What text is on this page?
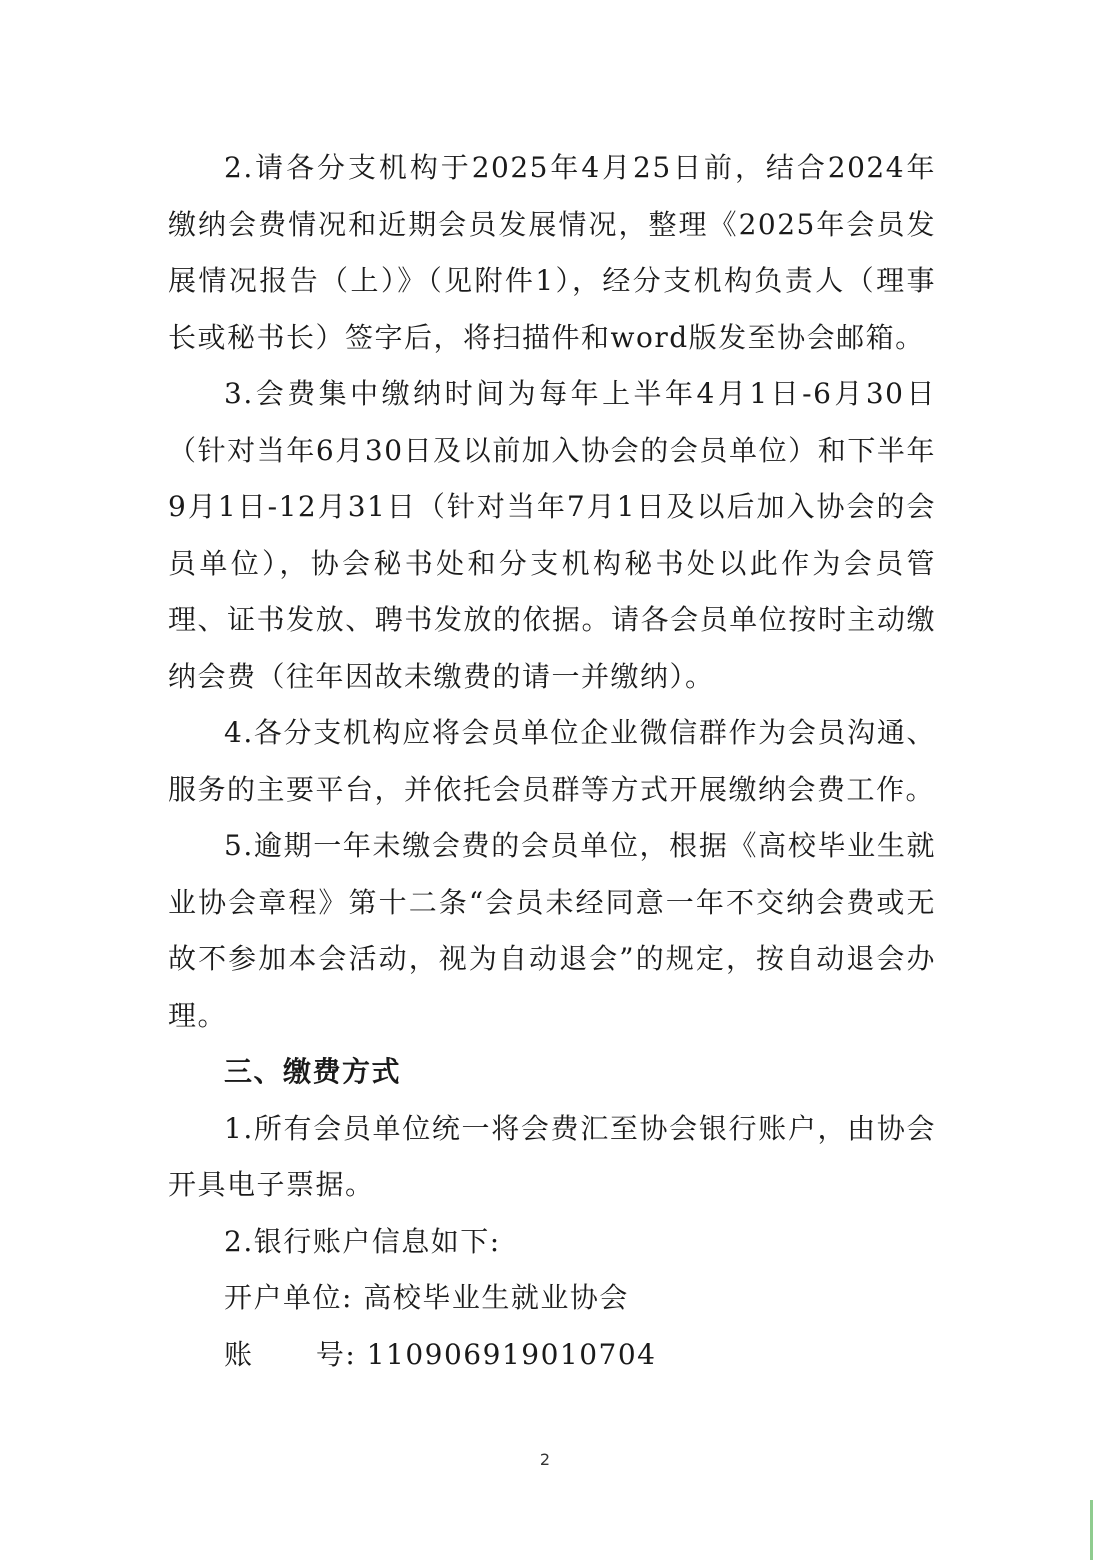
2.请各分支机构于2025年4月25日前，结合2024年缴纳会费情况和近期会员发展情况，整理《2025年会员发展情况报告（上）》（见附件1），经分支机构负责人（理事长或秘书长）签字后，将扫描件和word版发至协会邮箱。

3.会费集中缴纳时间为每年上半年4月1日-6月30日（针对当年6月30日及以前加入协会的会员单位）和下半年9月1日-12月31日（针对当年7月1日及以后加入协会的会员单位），协会秘书处和分支机构秘书处以此作为会员管理、证书发放、聘书发放的依据。请各会员单位按时主动缴纳会费（往年因故未缴费的请一并缴纳）。

4.各分支机构应将会员单位企业微信群作为会员沟通、服务的主要平台，并依托会员群等方式开展缴纳会费工作。

5.逾期一年未缴会费的会员单位，根据《高校毕业生就业协会章程》第十二条“会员未经同意一年不交纳会费或无故不参加本会活动，视为自动退会”的规定，按自动退会办理。

三、缴费方式

1.所有会员单位统一将会费汇至协会银行账户，由协会开具电子票据。

2.银行账户信息如下:

开户单位: 高校毕业生就业协会

账      号: 110906919010704

2
